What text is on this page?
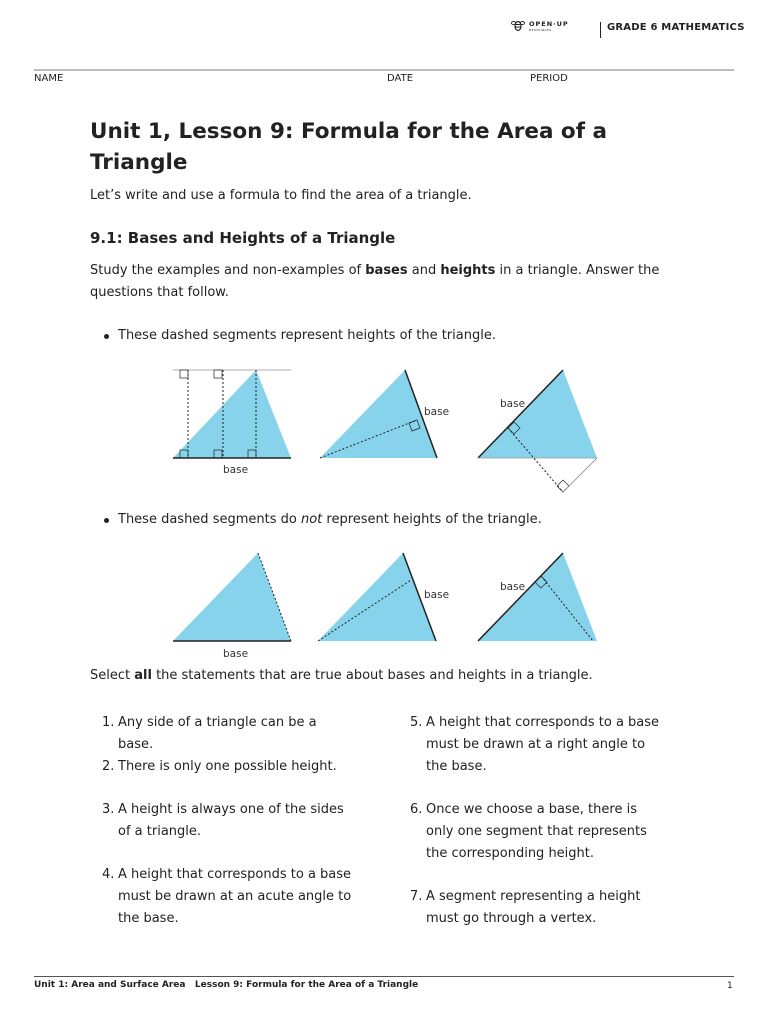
OPEN·UP
RESOURCES	GRADE 6 MATHEMATICS
NAME	DATE	PERIOD
Unit 1, Lesson 9: Formula for the Area of a Triangle
Let’s write and use a formula to find the area of a triangle.
9.1: Bases and Heights of a Triangle

Study the examples and non-examples of bases and heights in a triangle. Answer the questions that follow.

These dashed segments represent heights of the triangle.
base
base
base
base
base
base
These dashed segments do not represent heights of the triangle.
Select all the statements that are true about bases and heights in a triangle.
1. Any side of a triangle can be a base.
2. There is only one possible height.
3. A height is always one of the sides of a triangle.
4. A height that corresponds to a base must be drawn at an acute angle to the base.
5. A height that corresponds to a base must be drawn at a right angle to the base.
6. Once we choose a base, there is only one segment that represents the corresponding height.
7. A segment representing a height must go through a vertex.
Unit 1: Area and Surface Area Lesson 9: Formula for the Area of a Triangle	1
